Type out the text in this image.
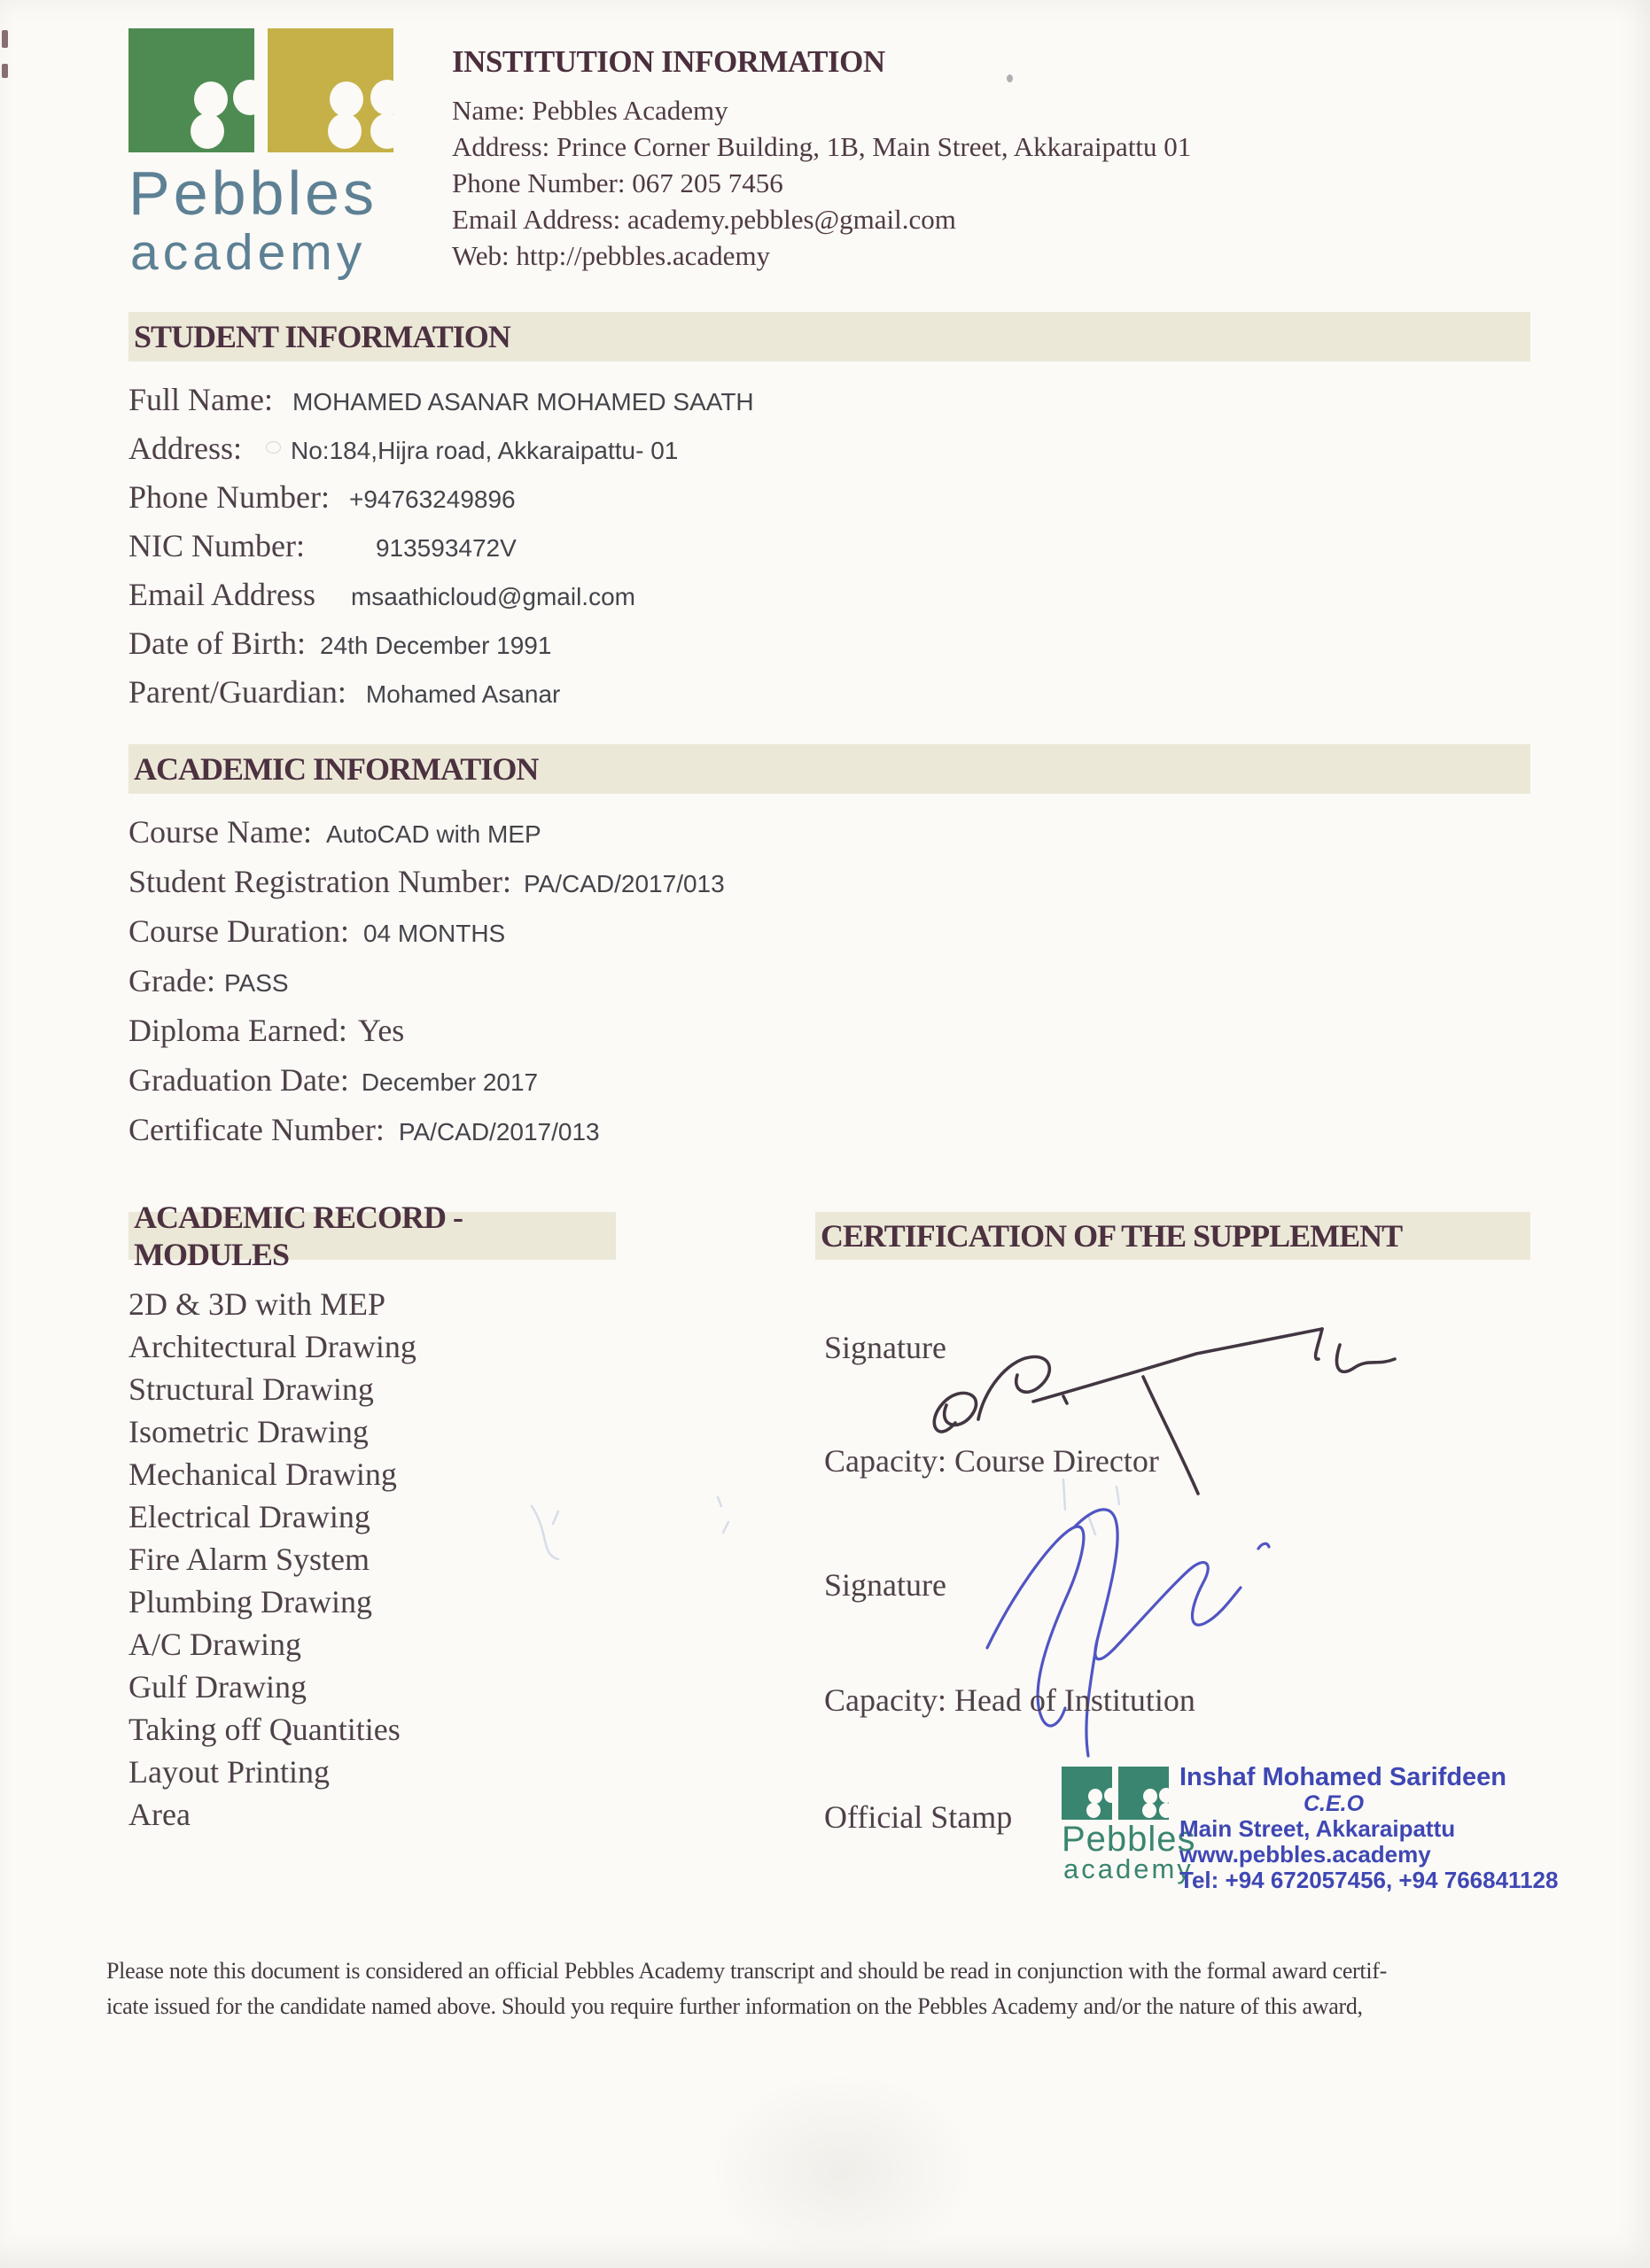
Pebbles
academy
INSTITUTION INFORMATION
Name: Pebbles Academy
Address: Prince Corner Building, 1B, Main Street, Akkaraipattu 01
Phone Number: 067 205 7456
Email Address: academy.pebbles@gmail.com
Web: http://pebbles.academy
STUDENT INFORMATION
Full Name: MOHAMED ASANAR MOHAMED SAATH
Address: No:184,Hijra road, Akkaraipattu- 01
Phone Number: +94763249896
NIC Number:	913593472V
Email Address msaathicloud@gmail.com
Date of Birth: 24th December 1991
Parent/Guardian: Mohamed Asanar
ACADEMIC INFORMATION
Course Name: AutoCAD with MEP
Student Registration Number: PA/CAD/2017/013
Course Duration: 04 MONTHS
Grade: PASS
Diploma Earned: Yes
Graduation Date: December 2017
Certificate Number: PA/CAD/2017/013
ACADEMIC RECORD - MODULES
CERTIFICATION OF THE SUPPLEMENT
2D & 3D with MEP
Architectural Drawing
Structural Drawing
Isometric Drawing
Mechanical Drawing
Electrical Drawing
Fire Alarm System
Plumbing Drawing
A/C Drawing
Gulf Drawing
Taking off Quantities
Layout Printing
Area
Signature
Capacity: Course Director
Signature
Capacity: Head of Institution
Official Stamp
Pebbles
academy
Inshaf Mohamed Sarifdeen
C.E.O
Main Street, Akkaraipattu
www.pebbles.academy
Tel: +94 672057456, +94 766841128
Please note this document is considered an official Pebbles Academy transcript and should be read in conjunction with the formal award certif-
icate issued for the candidate named above. Should you require further information on the Pebbles Academy and/or the nature of this award,
